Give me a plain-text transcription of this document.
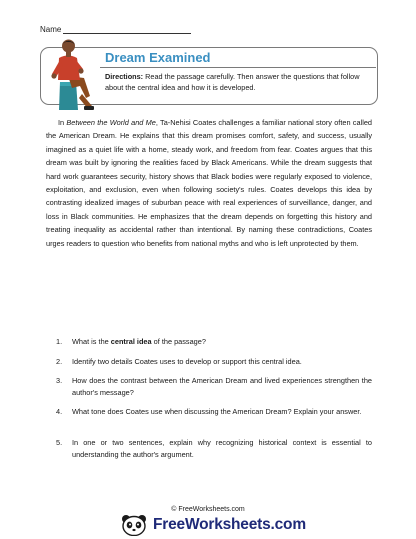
Name
Dream Examined
Directions: Read the passage carefully. Then answer the questions that follow about the central idea and how it is developed.

In Between the World and Me, Ta-Nehisi Coates challenges a familiar national story often called the American Dream. He explains that this dream promises comfort, safety, and success, usually imagined as a quiet life with a home, steady work, and freedom from fear. Coates argues that this dream was built by ignoring the realities faced by Black Americans. While the dream suggests that hard work guarantees security, history shows that Black bodies were regularly exposed to violence, exploitation, and exclusion, even when following society's rules. Coates develops this idea by contrasting idealized images of suburban peace with real experiences of surveillance, danger, and loss in Black communities. He emphasizes that the dream depends on forgetting this history and treating inequality as accidental rather than intentional. By naming these contradictions, Coates urges readers to question who benefits from national myths and who is left unprotected by them.

1. What is the central idea of the passage?
2. Identify two details Coates uses to develop or support this central idea.
3. How does the contrast between the American Dream and lived experiences strengthen the author's message?
4. What tone does Coates use when discussing the American Dream? Explain your answer.
5. In one or two sentences, explain why recognizing historical context is essential to understanding the author's argument.
© FreeWorksheets.com
FreeWorksheets.com
